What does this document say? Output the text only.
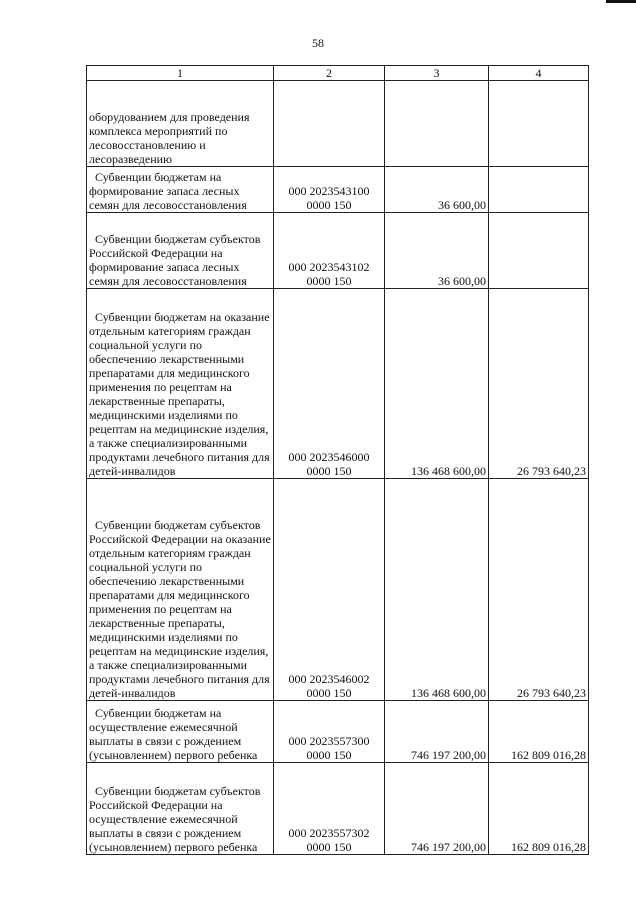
58
1	2	3	4
оборудованием для проведения комплекса мероприятий по лесовосстановлению и лесоразведению			
Субвенции бюджетам на формирование запаса лесных семян для лесовосстановления	000 2023543100 0000 150	36 600,00	
Субвенции бюджетам субъектов Российской Федерации на формирование запаса лесных семян для лесовосстановления	000 2023543102 0000 150	36 600,00	
Субвенции бюджетам на оказание отдельным категориям граждан социальной услуги по обеспечению лекарственными препаратами для медицинского применения по рецептам на лекарственные препараты, медицинскими изделиями по рецептам на медицинские изделия, а также специализированными продуктами лечебного питания для детей-инвалидов	000 2023546000 0000 150	136 468 600,00	26 793 640,23
Субвенции бюджетам субъектов Российской Федерации на оказание отдельным категориям граждан социальной услуги по обеспечению лекарственными препаратами для медицинского применения по рецептам на лекарственные препараты, медицинскими изделиями по рецептам на медицинские изделия, а также специализированными продуктами лечебного питания для детей-инвалидов	000 2023546002 0000 150	136 468 600,00	26 793 640,23
Субвенции бюджетам на осуществление ежемесячной выплаты в связи с рождением (усыновлением) первого ребенка	000 2023557300 0000 150	746 197 200,00	162 809 016,28
Субвенции бюджетам субъектов Российской Федерации на осуществление ежемесячной выплаты в связи с рождением (усыновлением) первого ребенка	000 2023557302 0000 150	746 197 200,00	162 809 016,28
